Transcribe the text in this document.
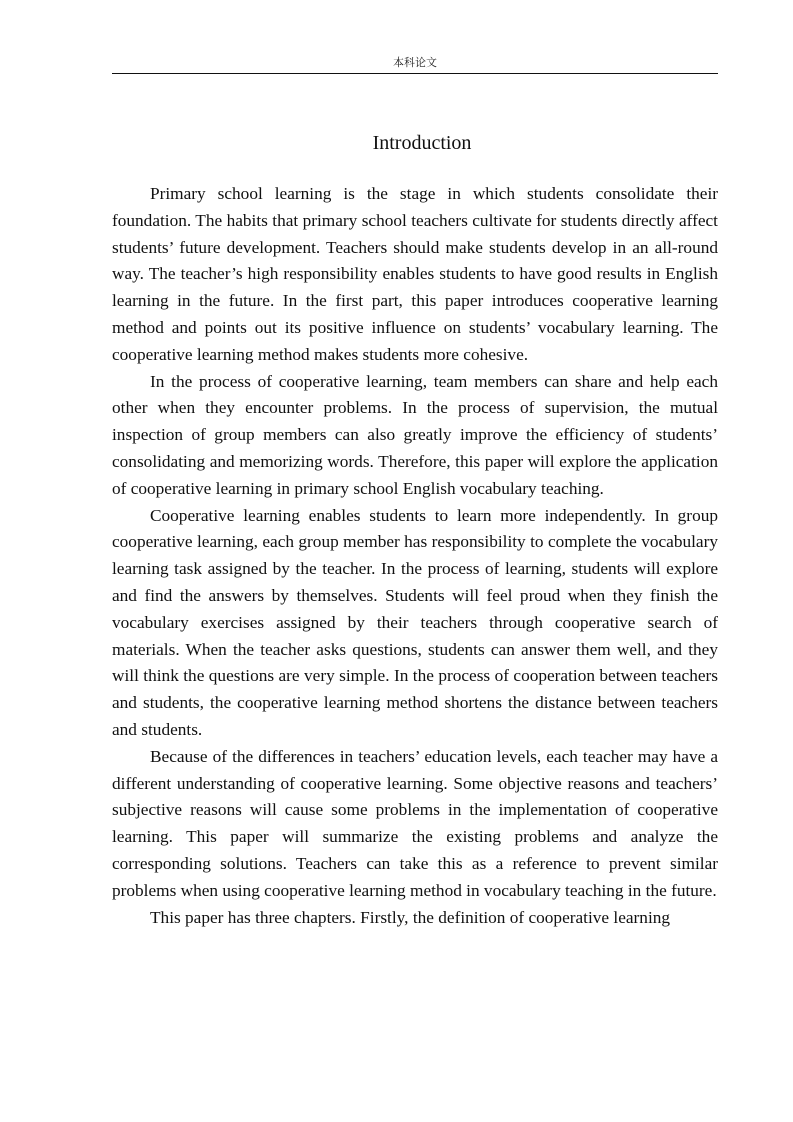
本科论文
Introduction

Primary school learning is the stage in which students consolidate their foundation. The habits that primary school teachers cultivate for students directly affect students’ future development. Teachers should make students develop in an all-round way. The teacher’s high responsibility enables students to have good results in English learning in the future. In the first part, this paper introduces cooperative learning method and points out its positive influence on students’ vocabulary learning. The cooperative learning method makes students more cohesive.

In the process of cooperative learning, team members can share and help each other when they encounter problems. In the process of supervision, the mutual inspection of group members can also greatly improve the efficiency of students’ consolidating and memorizing words. Therefore, this paper will explore the application of cooperative learning in primary school English vocabulary teaching.

Cooperative learning enables students to learn more independently. In group cooperative learning, each group member has responsibility to complete the vocabulary learning task assigned by the teacher. In the process of learning, students will explore and find the answers by themselves. Students will feel proud when they finish the vocabulary exercises assigned by their teachers through cooperative search of materials. When the teacher asks questions, students can answer them well, and they will think the questions are very simple. In the process of cooperation between teachers and students, the cooperative learning method shortens the distance between teachers and students.

Because of the differences in teachers’ education levels, each teacher may have a different understanding of cooperative learning. Some objective reasons and teachers’ subjective reasons will cause some problems in the implementation of cooperative learning. This paper will summarize the existing problems and analyze the corresponding solutions. Teachers can take this as a reference to prevent similar problems when using cooperative learning method in vocabulary teaching in the future.

This paper has three chapters. Firstly, the definition of cooperative learning
